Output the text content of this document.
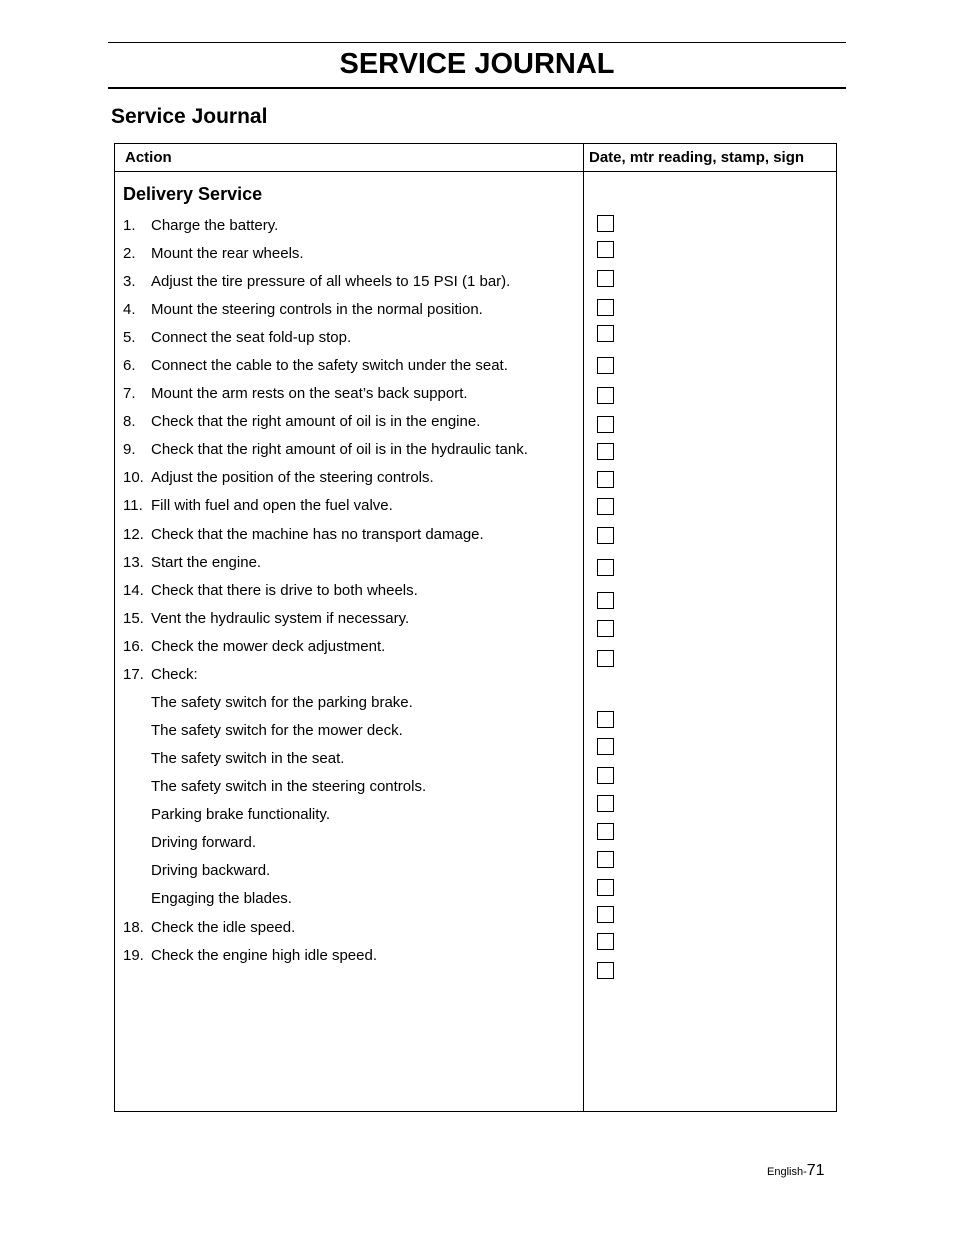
SERVICE JOURNAL
Service Journal
Action	Date, mtr reading, stamp, sign
Delivery Service
1. Charge the battery.
2. Mount the rear wheels.
3. Adjust the tire pressure of all wheels to 15 PSI (1 bar).
4. Mount the steering controls in the normal position.
5. Connect the seat fold-up stop.
6. Connect the cable to the safety switch under the seat.
7. Mount the arm rests on the seat’s back support.
8. Check that the right amount of oil is in the engine.
9. Check that the right amount of oil is in the hydraulic tank.
10. Adjust the position of the steering controls.
11. Fill with fuel and open the fuel valve.
12. Check that the machine has no transport damage.
13. Start the engine.
14. Check that there is drive to both wheels.
15. Vent the hydraulic system if necessary.
16. Check the mower deck adjustment.
17. Check:
The safety switch for the parking brake.
The safety switch for the mower deck.
The safety switch in the seat.
The safety switch in the steering controls.
Parking brake functionality.
Driving forward.
Driving backward.
Engaging the blades.
18. Check the idle speed.
19. Check the engine high idle speed.
English-71
